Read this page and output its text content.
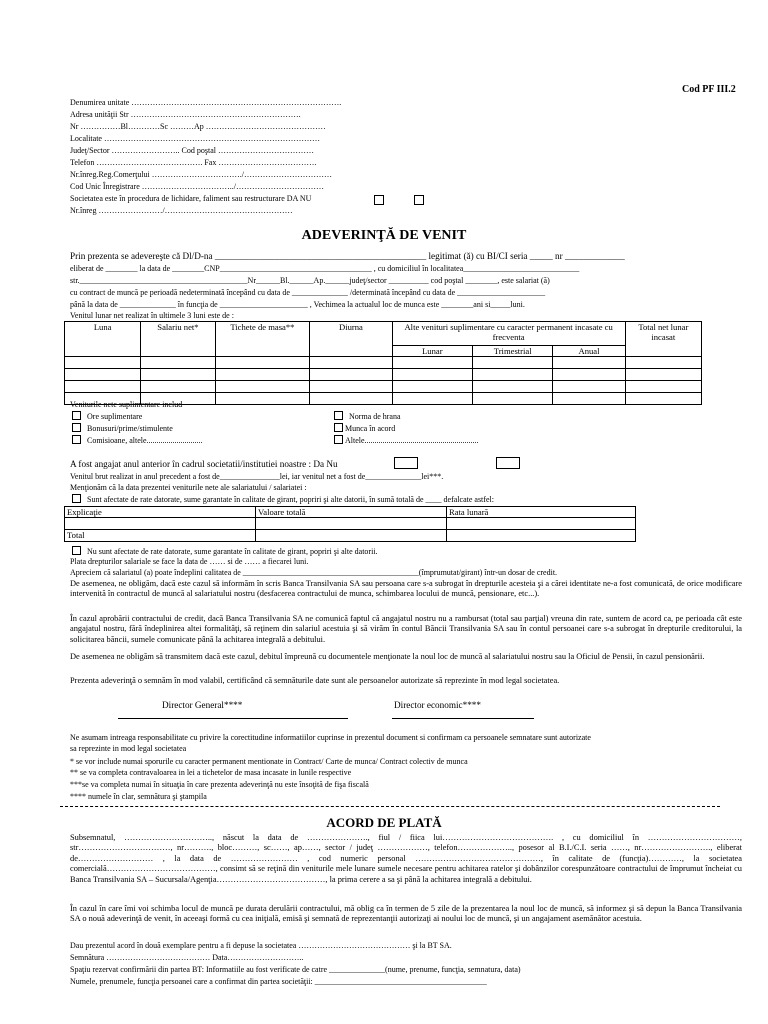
Cod PF III.2
Denumirea unitate …………………………………………………………………….
Adresa unităţii Str ……………………………………………………….
Nr ……………Bl…………Sc ………Ap ………………………………………
Localitate ………………………………………………………………………
Judeţ/Sector …………………….. Cod poştal ………………………………
Telefon …………………………………. Fax ……………………………….
Nr.înreg.Reg.Comerţului ……………………………./……………………………
Cod Unic Înregistrare ……………………………../……………………………
Societatea este în procedura de lichidare, faliment sau restructurare DA NU
Nr.înreg ……………………/…………………………………………
ADEVERINŢĂ DE VENIT
Prin prezenta se adevereşte că Dl/D-na ______________________________________________ legitimat (ă) cu BI/CI seria _____ nr _____________
eliberat de ________ la data de ________CNP______________________________________ , cu domiciliul în localitatea_____________________________
str.__________________________________________Nr______Bl.______Ap.______judeţ/sector __________ cod poştal ________, este salariat (ă)
cu contract de muncă pe perioadă nedeterminată începând cu data de ______________ /determinată începând cu data de ______________________
până la data de ______________ în funcţia de ______________________ , Vechimea la actualul loc de munca este ________ani si_____luni.
Venitul lunar net realizat în ultimele 3 luni este de :
Luna	Salariu net*	Tichete de masa**	Diurna	Alte venituri suplimentare cu caracter permanent incasate cu frecventa			Total net lunar incasat
				Lunar	Trimestrial	Anual	

Veniturile nete suplimentare includ
Ore suplimentare
Bonusuri/prime/stimulente
Comisioane, altele............................
Norma de hrana
Munca în acord
Altele.........................................................
A fost angajat anul anterior în cadrul societatii/institutiei noastre : Da Nu
Venitul brut realizat in anul precedent a fost de_______________lei, iar venitul net a fost de______________lei***.
Menţionăm că la data prezentei veniturile nete ale salariatului / salariatei :
Sunt afectate de rate datorate, sume garantate în calitate de girant, popriri şi alte datorii, în sumă totală de ____ defalcate astfel:
Explicaţie	Valoare totală	Rata lunară

Total		
Nu sunt afectate de rate datorate, sume garantate în calitate de girant, popriri şi alte datorii.
Plata drepturilor salariale se face la data de …… si de …… a fiecarei luni.
Apreciem că salariatul (a) poate îndeplini calitatea de ____________________________________________(împrumutat/girant) într-un dosar de credit.
De asemenea, ne obligăm, dacă este cazul să informăm în scris Banca Transilvania SA sau persoana care s-a subrogat în drepturile acesteia şi a cărei identitate ne-a fost comunicată, de orice modificare intervenită în contractul de muncă al salariatului nostru (desfacerea contractului de munca, schimbarea locului de muncă, pensionare, etc...).
În cazul aprobării contractului de credit, dacă Banca Transilvania SA ne comunică faptul că angajatul nostru nu a rambursat (total sau parţial) vreuna din rate, suntem de acord ca, pe perioada cât este angajatul nostru, fără îndeplinirea altei formalităţi, să reţinem din salariul acestuia şi să virăm în contul Băncii Transilvania SA sau în contul persoanei care s-a subrogat în drepturile creditorului, la solicitarea băncii, sumele comunicate până la achitarea integrală a debitului.
De asemenea ne obligăm să transmitem dacă este cazul, debitul împreună cu documentele menţionate la noul loc de muncă al salariatului nostru sau la Oficiul de Pensii, în cazul pensionării.
Prezenta adeverinţă o semnăm în mod valabil, certificând că semnăturile date sunt ale persoanelor autorizate să reprezinte în mod legal societatea.
Director General****	Director economic****
Ne asumam intreaga responsabilitate cu privire la corectitudine informatiilor cuprinse in prezentul document si confirmam ca persoanele semnatare sunt autorizate
sa reprezinte in mod legal societatea
* se vor include numai sporurile cu caracter permanent mentionate in Contract/ Carte de munca/ Contract colectiv de munca
** se va completa contravaloarea in lei a tichetelor de masa incasate in lunile respective
***se va completa numai în situaţia în care prezenta adeverinţă nu este însoţită de fişa fiscală
**** numele în clar, semnătura şi ştampila
ACORD DE PLATĂ
Subsemnatul, ………………………….., născut la data de …………………., fiul / fiica lui…………………………………. , cu domiciliul în ……………………………, str……………………………, nr………., bloc………, sc……, ap……, sector / judeţ ………………, telefon……………….., posesor al B.I./C.I. seria ……, nr……………………., eliberat de……………………… , la data de …………………… , cod numeric personal ………………………………………, în calitate de (funcţia)…………, la societatea comercială…………………………………, consimt să se reţină din veniturile mele lunare sumele necesare pentru achitarea ratelor şi dobânzilor corespunzătoare contractului de împrumut încheiat cu Banca Transilvania SA – Sucursala/Agenţia…………………………………, la prima cerere a sa şi până la achitarea integrală a debitului.
În cazul în care îmi voi schimba locul de muncă pe durata derulării contractului, mă oblig ca în termen de 5 zile de la prezentarea la noul loc de muncă, să informez şi să depun la Banca Transilvania SA o nouă adeverinţă de venit, în aceeaşi formă cu cea iniţială, emisă şi semnată de reprezentanţii autorizaţi ai noului loc de muncă, şi un angajament asemănător acestuia.
Dau prezentul acord în două exemplare pentru a fi depuse la societatea …………………………………… şi la BT SA.
Semnătura ………………………………… Data………………………..
Spaţiu rezervat confirmării din partea BT: Informatiile au fost verificate de catre ______________(nume, prenume, funcţia, semnatura, data)
Numele, prenumele, funcţia persoanei care a confirmat din partea societăţii: ___________________________________________
